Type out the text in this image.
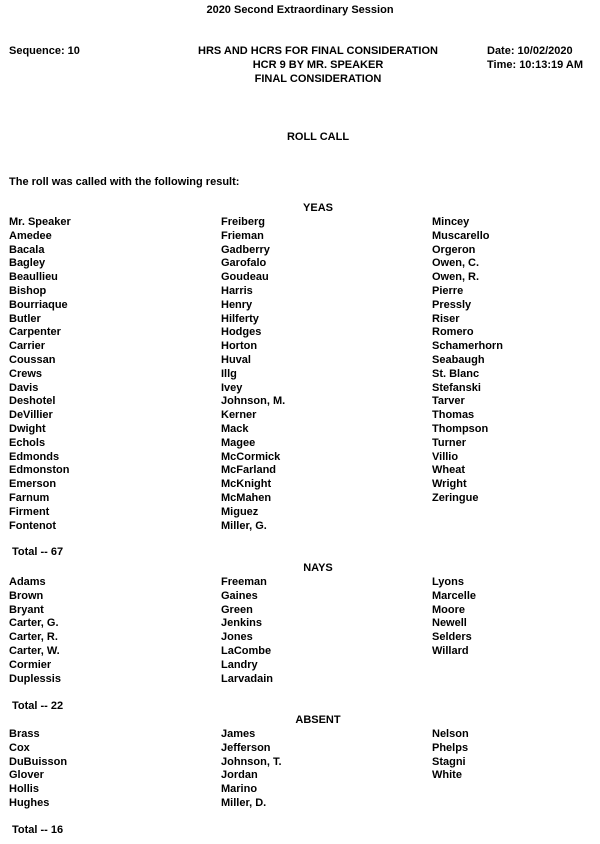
2020 Second Extraordinary Session
Sequence: 10	HRS AND HCRS FOR FINAL CONSIDERATION
HCR 9 BY MR. SPEAKER
FINAL CONSIDERATION
Date: 10/02/2020
Time: 10:13:19 AM
ROLL CALL
The roll was called with the following result:
YEAS
Mr. Speaker
Amedee
Bacala
Bagley
Beaullieu
Bishop
Bourriaque
Butler
Carpenter
Carrier
Coussan
Crews
Davis
Deshotel
DeVillier
Dwight
Echols
Edmonds
Edmonston
Emerson
Farnum
Firment
Fontenot
Freiberg
Frieman
Gadberry
Garofalo
Goudeau
Harris
Henry
Hilferty
Hodges
Horton
Huval
Illg
Ivey
Johnson, M.
Kerner
Mack
Magee
McCormick
McFarland
McKnight
McMahen
Miguez
Miller, G.
Mincey
Muscarello
Orgeron
Owen, C.
Owen, R.
Pierre
Pressly
Riser
Romero
Schamerhorn
Seabaugh
St. Blanc
Stefanski
Tarver
Thomas
Thompson
Turner
Villio
Wheat
Wright
Zeringue
Total -- 67
NAYS
Adams
Brown
Bryant
Carter, G.
Carter, R.
Carter, W.
Cormier
Duplessis
Freeman
Gaines
Green
Jenkins
Jones
LaCombe
Landry
Larvadain
Lyons
Marcelle
Moore
Newell
Selders
Willard
Total -- 22
ABSENT
Brass
Cox
DuBuisson
Glover
Hollis
Hughes
James
Jefferson
Johnson, T.
Jordan
Marino
Miller, D.
Nelson
Phelps
Stagni
White
Total -- 16
